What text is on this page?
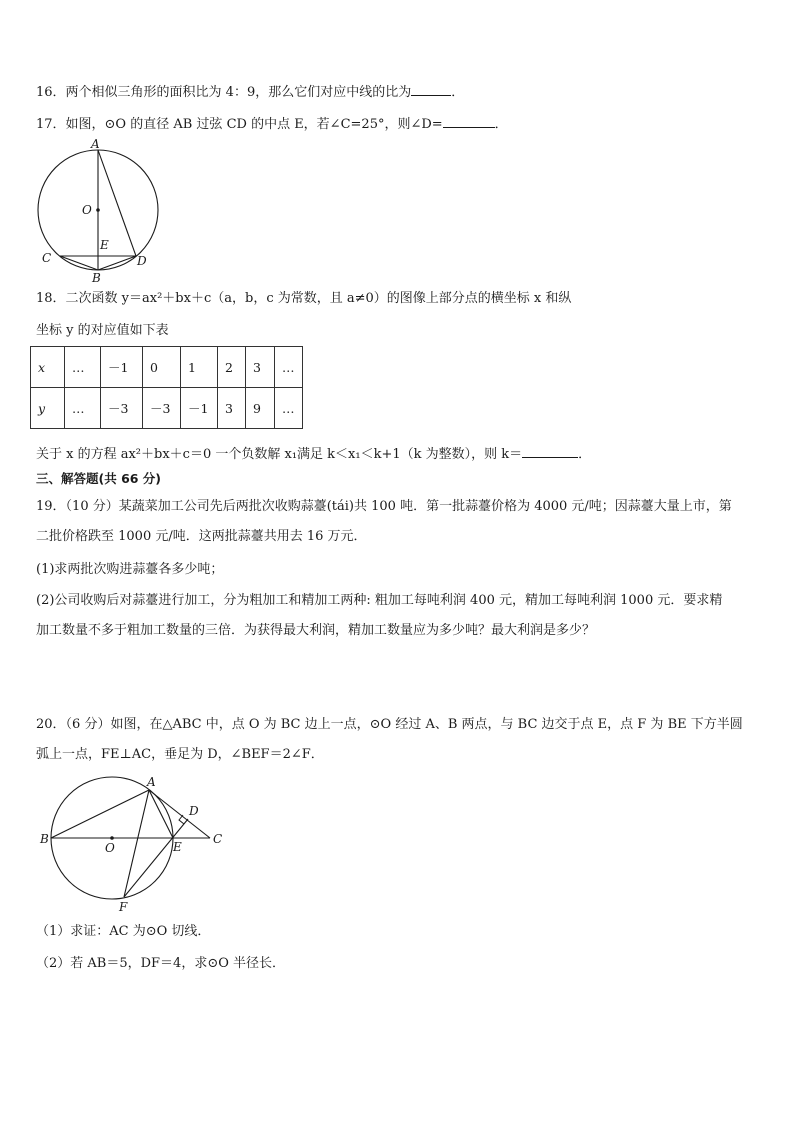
16．两个相似三角形的面积比为 4：9，那么它们对应中线的比为	．
17．如图，⊙O 的直径 AB 过弦 CD 的中点 E，若∠C=25°，则∠D=	．
A
O
E
C
B
D
18．二次函数 y＝ax²＋bx＋c（a，b，c 为常数，且 a≠0）的图像上部分点的横坐标 x 和纵
坐标 y 的对应值如下表
x	…	－1	0	1	2	3	…
y	…	－3	－3	－1	3	9	…
关于 x 的方程 ax²＋bx＋c＝0 一个负数解 x₁满足 k＜x₁＜k+1（k 为整数），则 k＝	．
三、解答题(共 66 分)
19．（10 分）某蔬菜加工公司先后两批次收购蒜薹(tái)共 100 吨．第一批蒜薹价格为 4000 元/吨；因蒜薹大量上市，第
二批价格跌至 1000 元/吨．这两批蒜薹共用去 16 万元．
(1)求两批次购进蒜薹各多少吨；
(2)公司收购后对蒜薹进行加工，分为粗加工和精加工两种: 粗加工每吨利润 400 元，精加工每吨利润 1000 元．要求精
加工数量不多于粗加工数量的三倍．为获得最大利润，精加工数量应为多少吨？最大利润是多少？
20．（6 分）如图，在△ABC 中，点 O 为 BC 边上一点，⊙O 经过 A、B 两点，与 BC 边交于点 E，点 F 为 BE 下方半圆
弧上一点，FE⊥AC，垂足为 D，∠BEF＝2∠F．
A
D
B
O	E
C
F
（1）求证：AC 为⊙O 切线．
（2）若 AB＝5，DF＝4，求⊙O 半径长．
